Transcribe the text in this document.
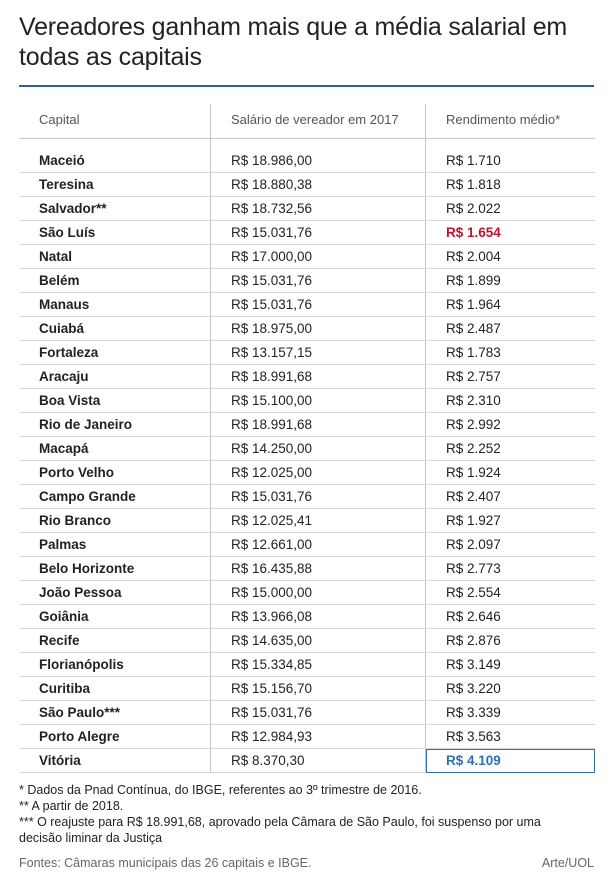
Vereadores ganham mais que a média salarial em todas as capitais
Capital	Salário de vereador em 2017	Rendimento médio*

Maceió	R$ 18.986,00	R$ 1.710
Teresina	R$ 18.880,38	R$ 1.818
Salvador**	R$ 18.732,56	R$ 2.022
São Luís	R$ 15.031,76	R$ 1.654
Natal	R$ 17.000,00	R$ 2.004
Belém	R$ 15.031,76	R$ 1.899
Manaus	R$ 15.031,76	R$ 1.964
Cuiabá	R$ 18.975,00	R$ 2.487
Fortaleza	R$ 13.157,15	R$ 1.783
Aracaju	R$ 18.991,68	R$ 2.757
Boa Vista	R$ 15.100,00	R$ 2.310
Rio de Janeiro	R$ 18.991,68	R$ 2.992
Macapá	R$ 14.250,00	R$ 2.252
Porto Velho	R$ 12.025,00	R$ 1.924
Campo Grande	R$ 15.031,76	R$ 2.407
Rio Branco	R$ 12.025,41	R$ 1.927
Palmas	R$ 12.661,00	R$ 2.097
Belo Horizonte	R$ 16.435,88	R$ 2.773
João Pessoa	R$ 15.000,00	R$ 2.554
Goiânia	R$ 13.966,08	R$ 2.646
Recife	R$ 14.635,00	R$ 2.876
Florianópolis	R$ 15.334,85	R$ 3.149
Curitiba	R$ 15.156,70	R$ 3.220
São Paulo***	R$ 15.031,76	R$ 3.339
Porto Alegre	R$ 12.984,93	R$ 3.563
Vitória	R$ 8.370,30	R$ 4.109
* Dados da Pnad Contínua, do IBGE, referentes ao 3º trimestre de 2016.
** A partir de 2018.
*** O reajuste para R$ 18.991,68, aprovado pela Câmara de São Paulo, foi suspenso por uma decisão liminar da Justiça
Fontes: Câmaras municipais das 26 capitais e IBGE.	Arte/UOL
